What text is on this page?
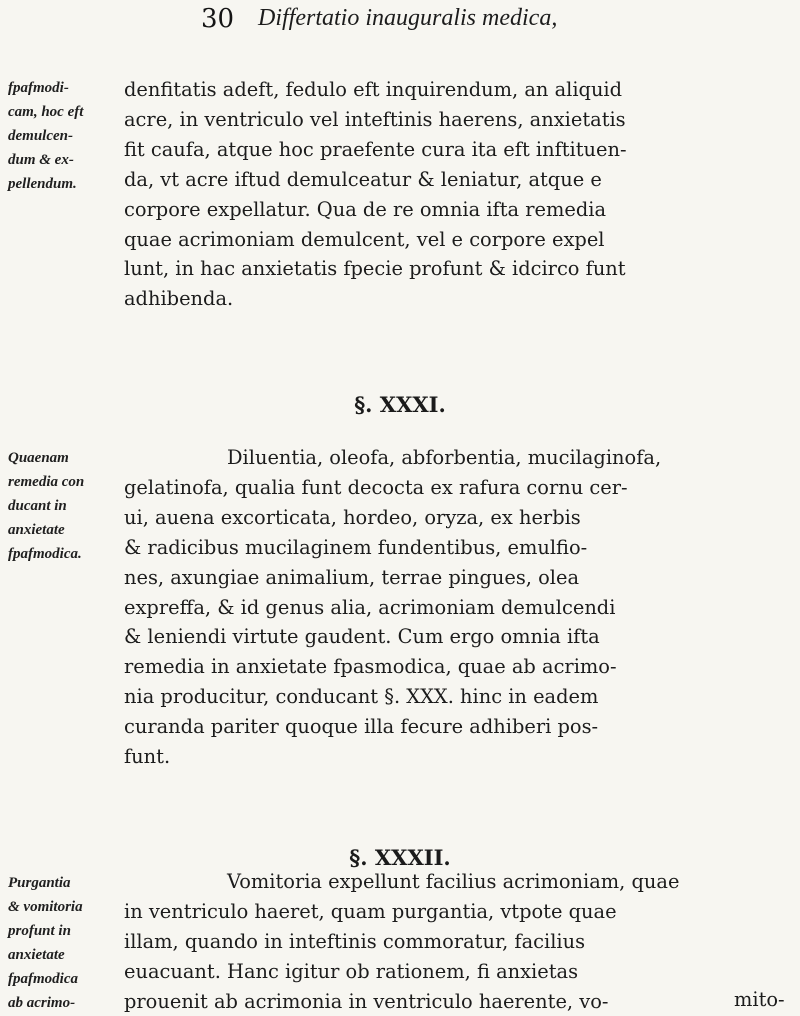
30 Differtatio inauguralis medica,
fpafmodi-
cam, hoc eft
demulcen-
dum & ex-
pellendum.
denfitatis adeft, fedulo eft inquirendum, an aliquid
acre, in ventriculo vel inteftinis haerens, anxietatis
fit caufa, atque hoc praefente cura ita eft inftituen-
da, vt acre iftud demulceatur & leniatur, atque e
corpore expellatur. Qua de re omnia ifta remedia
quae acrimoniam demulcent, vel e corpore expel
lunt, in hac anxietatis fpecie profunt & idcirco funt
adhibenda.
§. XXXI.
Quaenam
remedia con
ducant in
anxietate
fpafmodica.
Diluentia, oleofa, abforbentia, mucilaginofa,
gelatinofa, qualia funt decocta ex rafura cornu cer-
ui, auena excorticata, hordeo, oryza, ex herbis
& radicibus mucilaginem fundentibus, emulfio-
nes, axungiae animalium, terrae pingues, olea
expreffa, & id genus alia, acrimoniam demulcendi
& leniendi virtute gaudent. Cum ergo omnia ifta
remedia in anxietate fpasmodica, quae ab acrimo-
nia producitur, conducant §. XXX. hinc in eadem
curanda pariter quoque illa fecure adhiberi pos-
funt.
§. XXXII.
Purgantia
& vomitoria
profunt in
anxietate
fpafmodica
ab acrimo-
Vomitoria expellunt facilius acrimoniam, quae
in ventriculo haeret, quam purgantia, vtpote quae
illam, quando in inteftinis commoratur, facilius
euacuant. Hanc igitur ob rationem, fi anxietas
prouenit ab acrimonia in ventriculo haerente, vo-	mito-
